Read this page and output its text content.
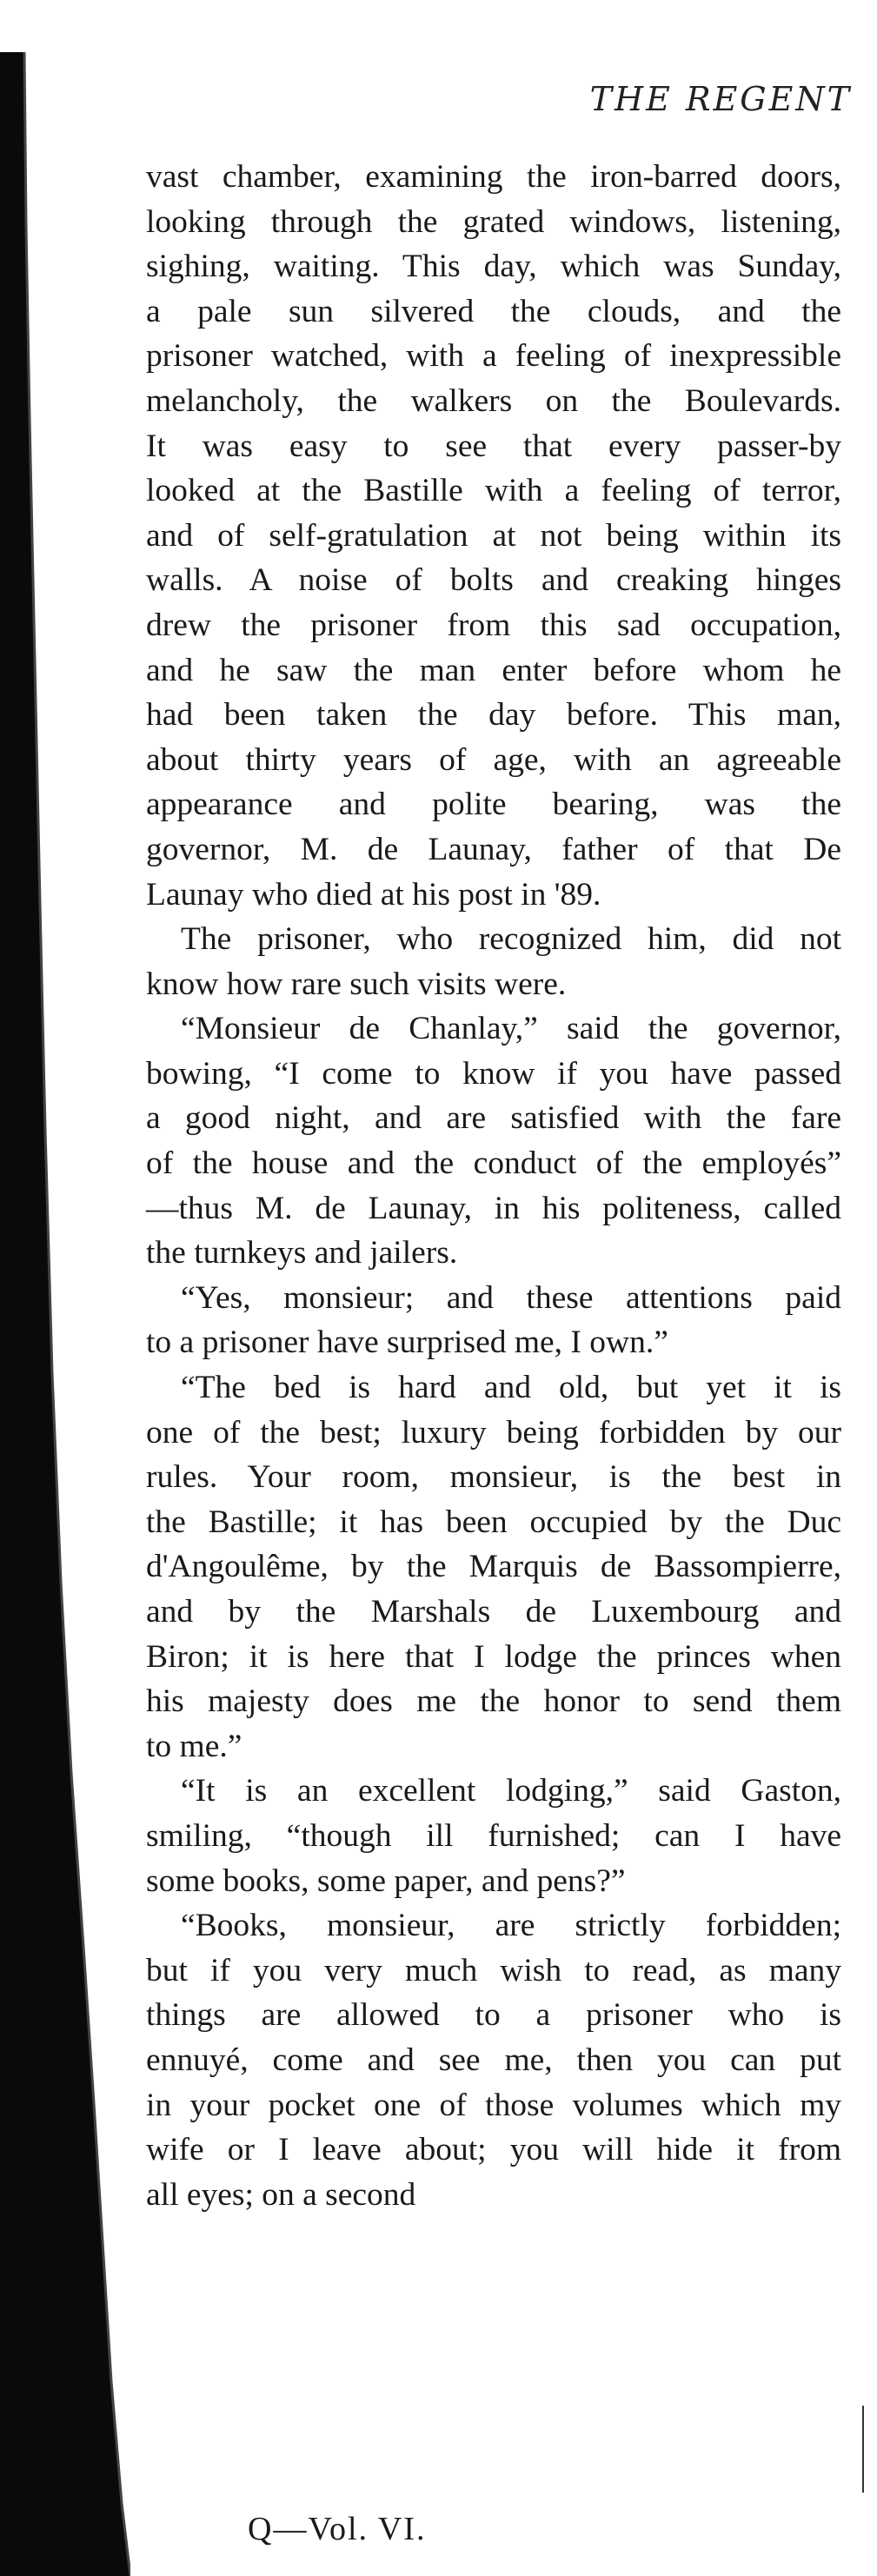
THE REGENT
vast chamber, examining the iron-barred doors,
looking through the grated windows, listening,
sighing, waiting. This day, which was Sunday,
a pale sun silvered the clouds, and the
prisoner watched, with a feeling of inexpressible
melancholy, the walkers on the Boulevards.
It was easy to see that every passer-by
looked at the Bastille with a feeling of terror,
and of self-gratulation at not being within its
walls. A noise of bolts and creaking hinges
drew the prisoner from this sad occupation,
and he saw the man enter before whom he
had been taken the day before. This man,
about thirty years of age, with an agreeable
appearance and polite bearing, was the
governor, M. de Launay, father of that De
Launay who died at his post in '89.
The prisoner, who recognized him, did not
know how rare such visits were.
“Monsieur de Chanlay,” said the governor,
bowing, “I come to know if you have passed
a good night, and are satisfied with the fare
of the house and the conduct of the employés”
—thus M. de Launay, in his politeness, called
the turnkeys and jailers.
“Yes, monsieur; and these attentions paid
to a prisoner have surprised me, I own.”
“The bed is hard and old, but yet it is
one of the best; luxury being forbidden by our
rules. Your room, monsieur, is the best in
the Bastille; it has been occupied by the Duc
d'Angoulême, by the Marquis de Bassompierre,
and by the Marshals de Luxembourg and
Biron; it is here that I lodge the princes when
his majesty does me the honor to send them
to me.”
“It is an excellent lodging,” said Gaston,
smiling, “though ill furnished; can I have
some books, some paper, and pens?”
“Books, monsieur, are strictly forbidden;
but if you very much wish to read, as many
things are allowed to a prisoner who is
ennuyé, come and see me, then you can put
in your pocket one of those volumes which my
wife or I leave about; you will hide it from
all eyes; on a second
Q—Vol. VI.
